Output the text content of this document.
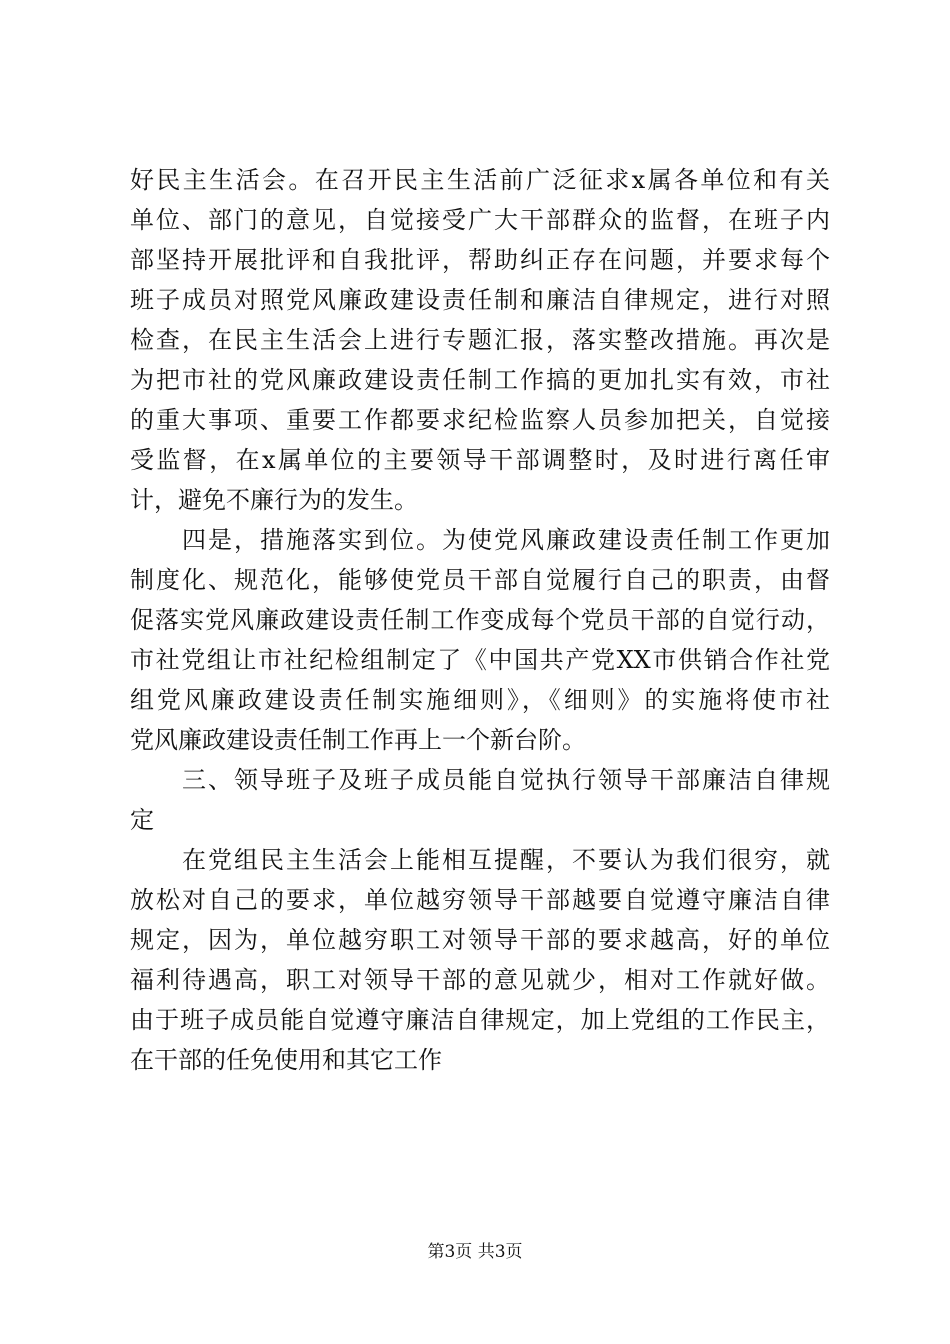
好民主生活会。在召开民主生活前广泛征求x属各单位和有关
单位、部门的意见，自觉接受广大干部群众的监督，在班子内
部坚持开展批评和自我批评，帮助纠正存在问题，并要求每个
班子成员对照党风廉政建设责任制和廉洁自律规定，进行对照
检查，在民主生活会上进行专题汇报，落实整改措施。再次是
为把市社的党风廉政建设责任制工作搞的更加扎实有效，市社
的重大事项、重要工作都要求纪检监察人员参加把关，自觉接
受监督，在x属单位的主要领导干部调整时，及时进行离任审
计，避免不廉行为的发生。
　　四是，措施落实到位。为使党风廉政建设责任制工作更加
制度化、规范化，能够使党员干部自觉履行自己的职责，由督
促落实党风廉政建设责任制工作变成每个党员干部的自觉行动，
市社党组让市社纪检组制定了《中国共产党XX市供销合作社党
组党风廉政建设责任制实施细则》，《细则》的实施将使市社
党风廉政建设责任制工作再上一个新台阶。
　　三、领导班子及班子成员能自觉执行领导干部廉洁自律规
定
　　在党组民主生活会上能相互提醒，不要认为我们很穷，就
放松对自己的要求，单位越穷领导干部越要自觉遵守廉洁自律
规定，因为，单位越穷职工对领导干部的要求越高，好的单位
福利待遇高，职工对领导干部的意见就少，相对工作就好做。
由于班子成员能自觉遵守廉洁自律规定，加上党组的工作民主，
在干部的任免使用和其它工作
第3页 共3页
